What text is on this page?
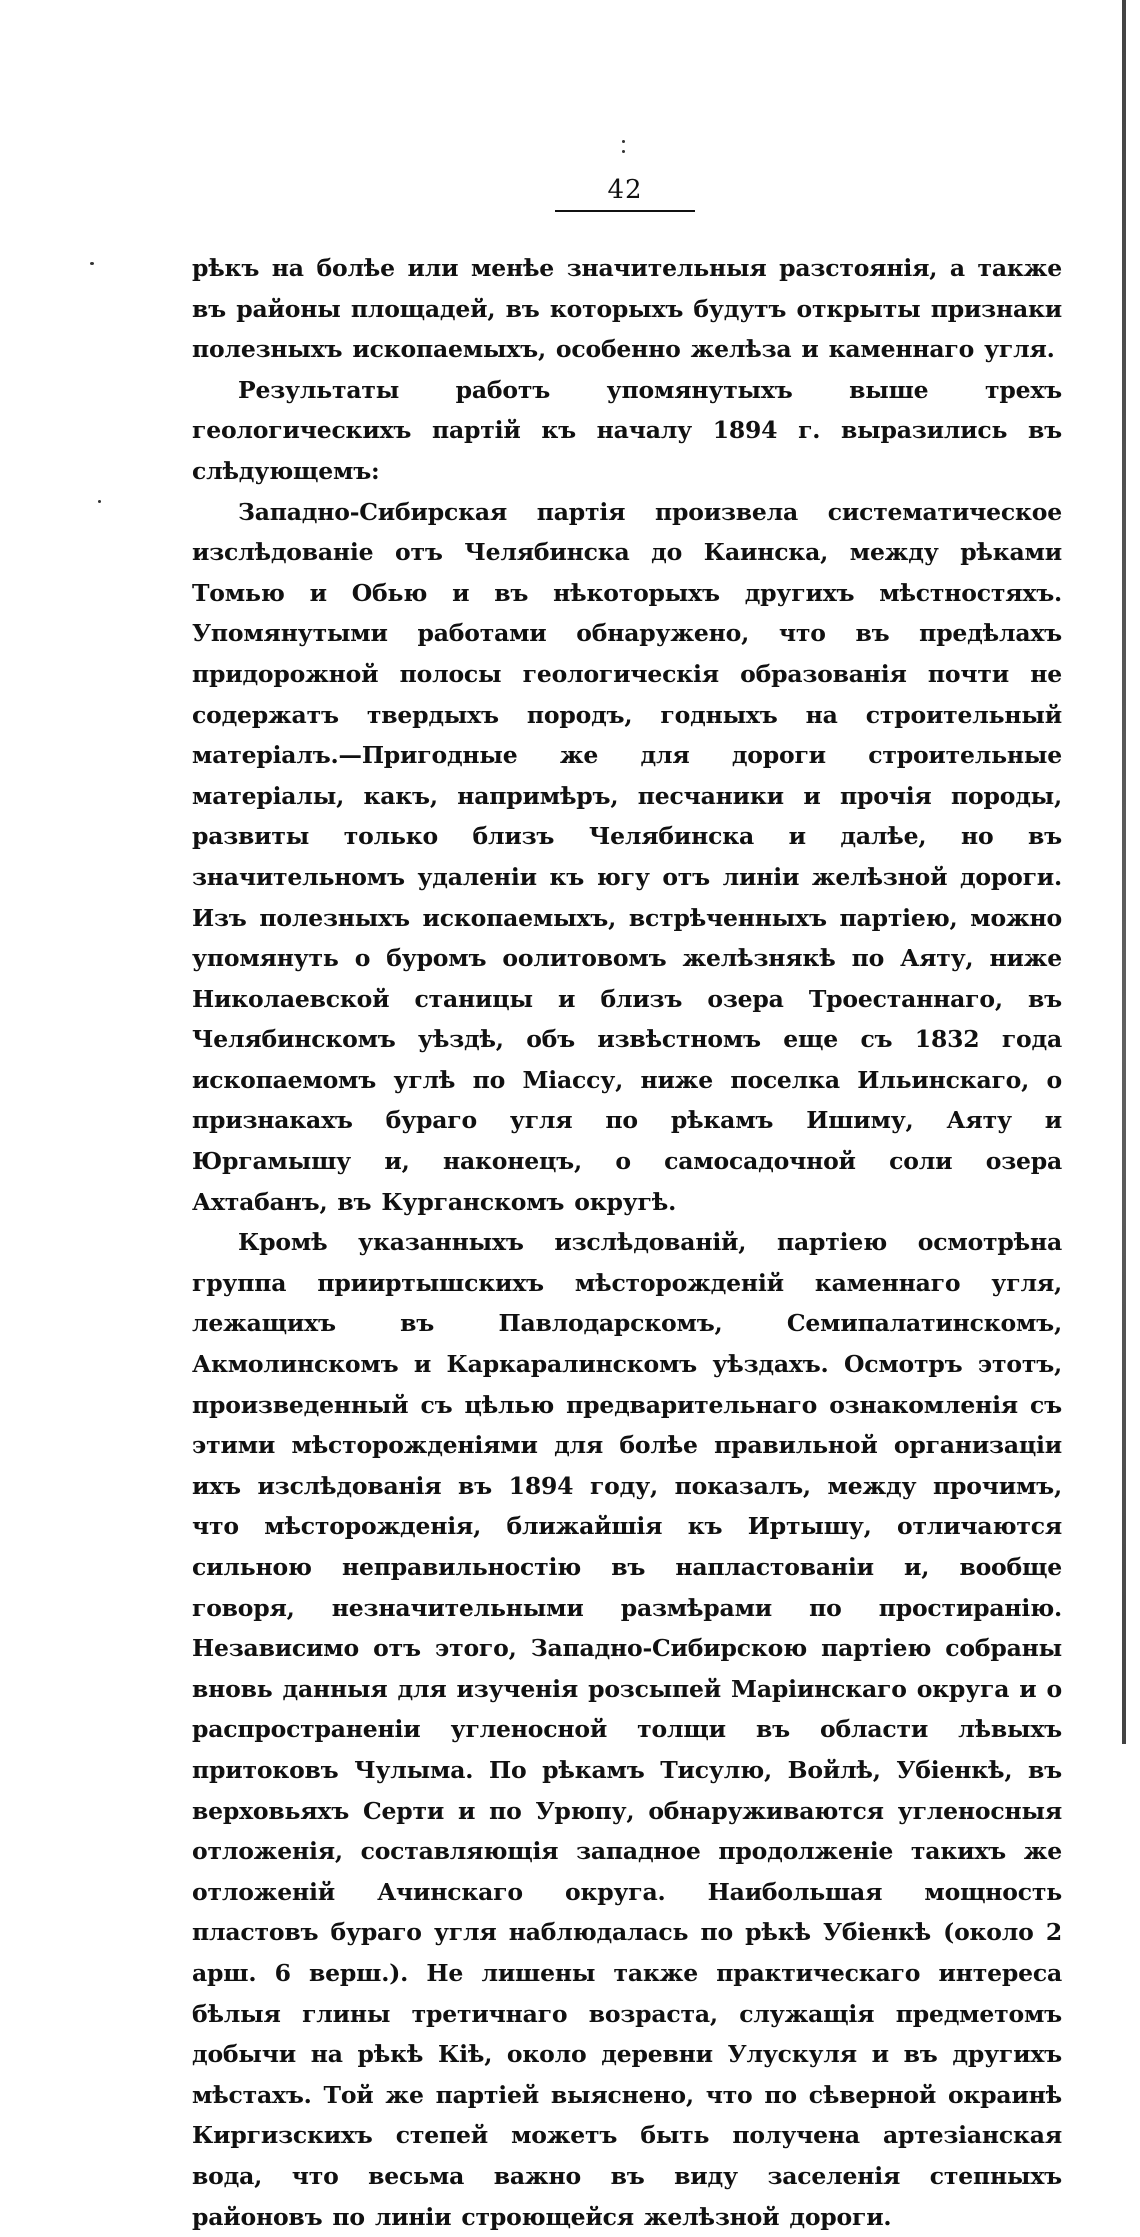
42

рѣкъ на болѣе или менѣе значительныя разстоянія, а также въ районы площадей, въ которыхъ будутъ открыты признаки полезныхъ ископаемыхъ, особенно желѣза и каменнаго угля.

Результаты работъ упомянутыхъ выше трехъ геологическихъ партій къ началу 1894 г. выразились въ слѣдующемъ:

Западно-Сибирская партія произвела систематическое изслѣдованіе отъ Челябинска до Каинска, между рѣками Томью и Обью и въ нѣкоторыхъ другихъ мѣстностяхъ. Упомянутыми работами обнаружено, что въ предѣлахъ придорожной полосы геологическія образованія почти не содержатъ твердыхъ породъ, годныхъ на строительный матеріалъ.—Пригодные же для дороги строительные матеріалы, какъ, напримѣръ, песчаники и прочія породы, развиты только близъ Челябинска и далѣе, но въ значительномъ удаленіи къ югу отъ линіи желѣзной дороги. Изъ полезныхъ ископаемыхъ, встрѣченныхъ партіею, можно упомянуть о буромъ оолитовомъ желѣзнякѣ по Аяту, ниже Николаевской станицы и близъ озера Троестаннаго, въ Челябинскомъ уѣздѣ, объ извѣстномъ еще съ 1832 года ископаемомъ углѣ по Міассу, ниже поселка Ильинскаго, о признакахъ бураго угля по рѣкамъ Ишиму, Аяту и Юргамышу и, наконецъ, о самосадочной соли озера Ахтабанъ, въ Курганскомъ округѣ.

Кромѣ указанныхъ изслѣдованій, партіею осмотрѣна группа прииртышскихъ мѣсторожденій каменнаго угля, лежащихъ въ Павлодарскомъ, Семипалатинскомъ, Акмолинскомъ и Каркаралинскомъ уѣздахъ. Осмотръ этотъ, произведенный съ цѣлью предварительнаго ознакомленія съ этими мѣсторожденіями для болѣе правильной организаціи ихъ изслѣдованія въ 1894 году, показалъ, между прочимъ, что мѣсторожденія, ближайшія къ Иртышу, отличаются сильною неправильностію въ напластованіи и, вообще говоря, незначительными размѣрами по простиранію. Независимо отъ этого, Западно-Сибирскою партіею собраны вновь данныя для изученія розсыпей Маріинскаго округа и о распространеніи угленосной толщи въ области лѣвыхъ притоковъ Чулыма. По рѣкамъ Тисулю, Войлѣ, Убіенкѣ, въ верховьяхъ Серти и по Урюпу, обнаруживаются угленосныя отложенія, составляющія западное продолженіе такихъ же отложеній Ачинскаго округа. Наибольшая мощность пластовъ бураго угля наблюдалась по рѣкѣ Убіенкѣ (около 2 арш. 6 верш.). Не лишены также практическаго интереса бѣлыя глины третичнаго возраста, служащія предметомъ добычи на рѣкѣ Кіѣ, около деревни Улускуля и въ другихъ мѣстахъ. Той же партіей выяснено, что по сѣверной окраинѣ Киргизскихъ степей можетъ быть получена артезіанская вода, что весьма важно въ виду заселенія степныхъ районовъ по линіи строющейся желѣзной дороги.
